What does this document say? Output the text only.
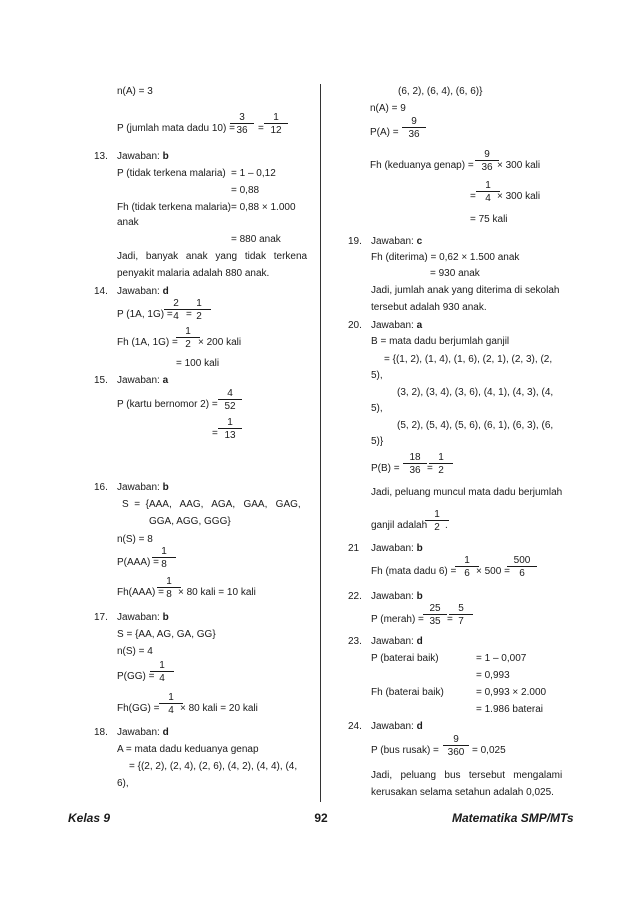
n(A) = 3
P (jumlah mata dadu 10) =
$\frac{3}{36} = \frac{1}{12}$
13. Jawaban: b
P (tidak terkena malaria) = 1 – 0,12
= 0,88
Fh (tidak terkena malaria) = 0,88 × 1.000
anak
= 880 anak
Jadi, banyak anak yang tidak terkena
penyakit malaria adalah 880 anak.
14. Jawaban: d
P (1A, 1G) =
$\frac{2}{4}$
=
$\frac{1}{2}$
Fh (1A, 1G) =
$\frac{1}{2}$
× 200 kali
= 100 kali
15. Jawaban: a
P (kartu bernomor $2) = \frac{4}{52}$
= $\frac{1}{13}$
16. Jawaban: b
S  =  {AAA,   AAG,   AGA,   GAA,   GAG,
GGA, AGG, GGG}
n(S) = 8
P(AAA) =
$\frac{1}{8}$
Fh(AAA) =
$\frac{1}{8}$
× 80 kali = 10 kali
17. Jawaban: b
S = {AA, AG, GA, GG}
n(S) = 4
P(GG) =
$\frac{1}{4}$
$Fh(GG) = \frac{1}{4}$
× 80 kali = 20 kali
18. Jawaban: d
A = mata dadu keduanya genap
= {(2, 2), (2, 4), (2, 6), (4, 2), (4, 4), (4,
6),
(6, 2), (6, 4), (6, 6)}
n(A) = 9
$P(A) = \frac{9}{36}$
Fh (keduanya genap) = $\frac{9}{36}$
× 300 kali
= $\frac{1}{4}$
× 300 kali
= 75 kali
19. Jawaban: c
Fh (diterima) = 0,62 × 1.500 anak
= 930 anak
Jadi, jumlah anak yang diterima di sekolah
tersebut adalah 930 anak.
20. Jawaban: a
B = mata dadu berjumlah ganjil
= {(1, 2), (1, 4), (1, 6), (2, 1), (2, 3), (2,
5),
(3, 2), (3, 4), (3, 6), (4, 1), (4, 3), (4,
5),
(5, 2), (5, 4), (5, 6), (6, 1), (6, 3), (6,
5)}
$P(B) = \frac{18}{36}$ =
$\frac{1}{2}$
Jadi, peluang muncul mata dadu berjumlah
ganjil adalah
$\frac{1}{2}$
.
21 Jawaban: b
Fh (mata dadu 6) =
$\frac{1}{6}$
× 500 =
$\frac{500}{6}$
22. Jawaban: b
P (merah) = $\frac{25}{35}$ =
$\frac{5}{7}$
23. Jawaban: d
P (baterai baik)	= 1 – 0,007
= 0,993
Fh (baterai baik)	= 0,993 × 2.000
= 1.986 baterai
24. Jawaban: d
P (bus rusak) = $\frac{9}{360} = 0,025$
Jadi,   peluang   bus   tersebut   mengalami
kerusakan selama setahun adalah 0,025.
Kelas 9	92	Matematika SMP/MTs
